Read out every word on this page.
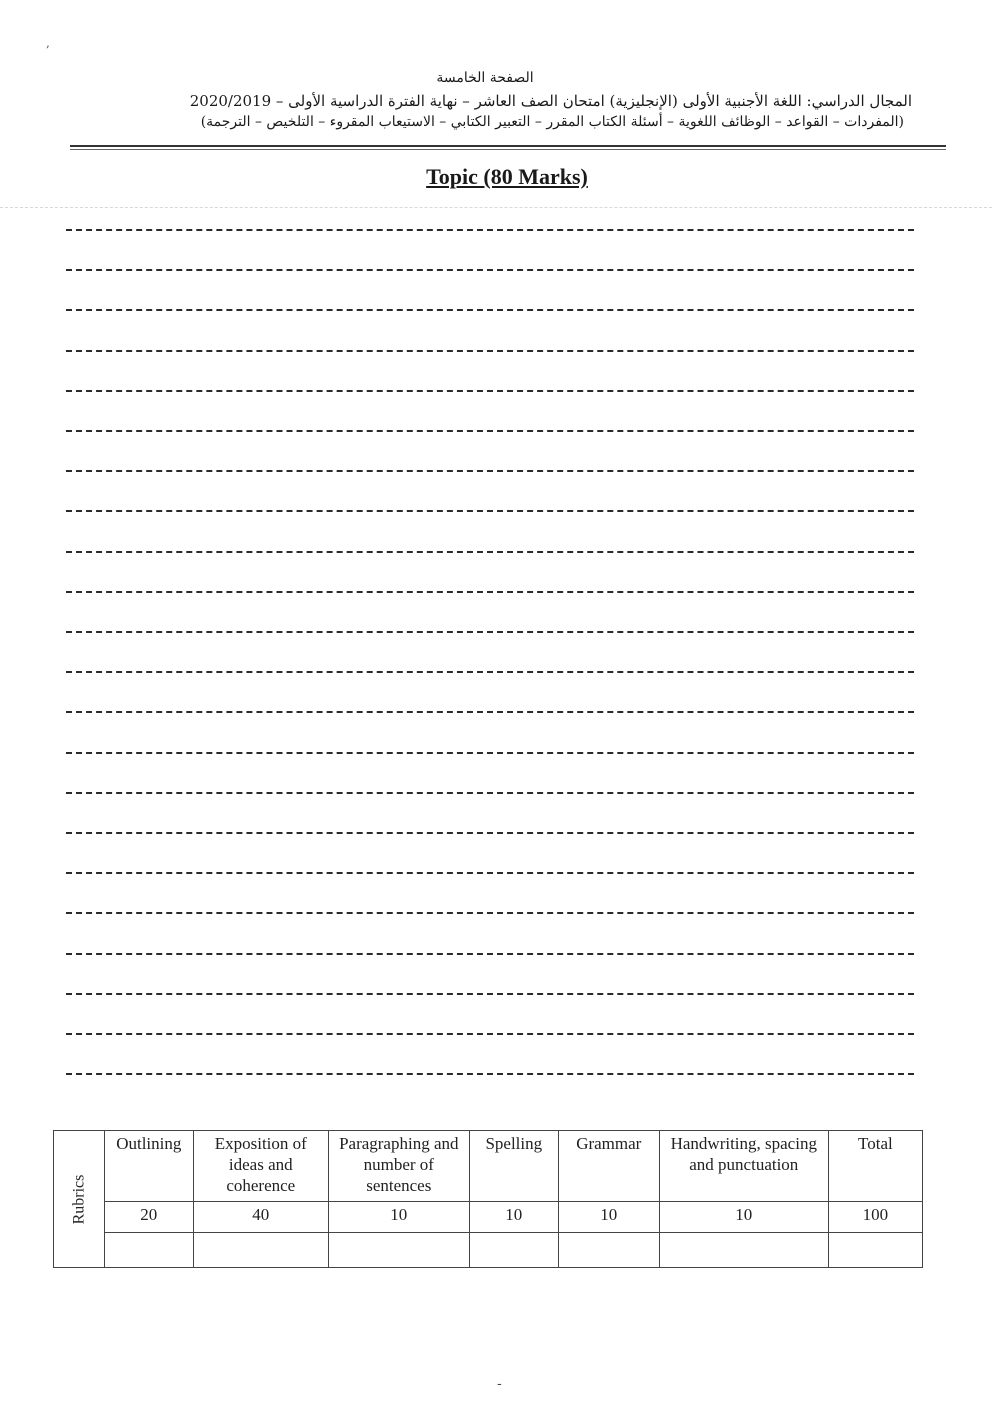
,
الصفحة الخامسة
المجال الدراسي: اللغة الأجنبية الأولى (الإنجليزية) امتحان الصف العاشر – نهاية الفترة الدراسية الأولى – 2020/2019
(المفردات – القواعد – الوظائف اللغوية – أسئلة الكتاب المقرر – التعبير الكتابي – الاستيعاب المقروء – التلخيص – الترجمة)
Topic (80 Marks)
Rubrics	Outlining	Exposition of ideas and coherence	Paragraphing and number of sentences	Spelling	Grammar	Handwriting, spacing and punctuation	Total
	20	40	10	10	10	10	100

-
